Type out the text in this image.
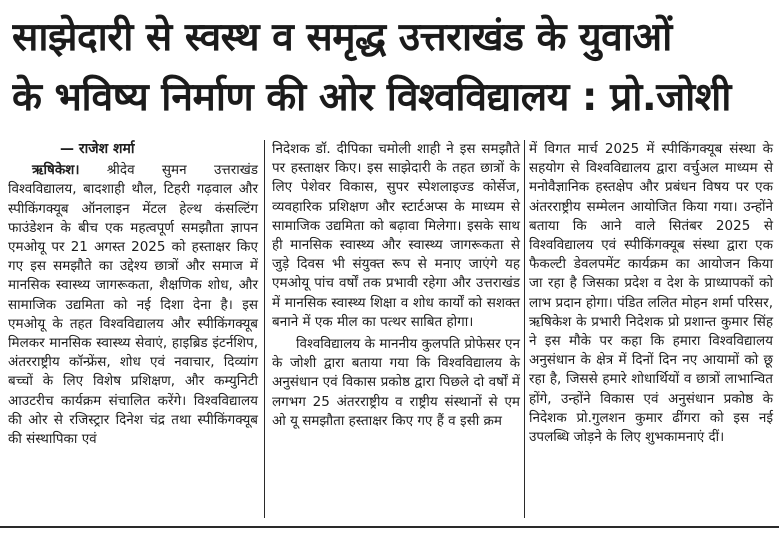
साझेदारी से स्वस्थ व समृद्ध उत्तराखंड के युवाओं
के भविष्य निर्माण की ओर विश्वविद्यालय : प्रो.जोशी

— राजेश शर्मा

ऋषिकेश। श्रीदेव सुमन उत्तराखंड विश्वविद्यालय, बादशाही थौल, टिहरी गढ़वाल और स्पीकिंगक्यूब ऑनलाइन मेंटल हेल्थ कंसल्टिंग फाउंडेशन के बीच एक महत्वपूर्ण समझौता ज्ञापन एमओयू पर 21 अगस्त 2025 को हस्ताक्षर किए गए इस समझौते का उद्देश्य छात्रों और समाज में मानसिक स्वास्थ्य जागरूकता, शैक्षणिक शोध, और सामाजिक उद्यमिता को नई दिशा देना है। इस एमओयू के तहत विश्वविद्यालय और स्पीकिंगक्यूब मिलकर मानसिक स्वास्थ्य सेवाएं, हाइब्रिड इंटर्नशिप, अंतरराष्ट्रीय कॉन्फ्रेंस, शोध एवं नवाचार, दिव्यांग बच्चों के लिए विशेष प्रशिक्षण, और कम्युनिटी आउटरीच कार्यक्रम संचालित करेंगे। विश्वविद्यालय की ओर से रजिस्ट्रार दिनेश चंद्र तथा स्पीकिंगक्यूब की संस्थापिका एवं

निदेशक डॉ. दीपिका चमोली शाही ने इस समझौते पर हस्ताक्षर किए। इस साझेदारी के तहत छात्रों के लिए पेशेवर विकास, सुपर स्पेशलाइज्ड कोर्सेज, व्यवहारिक प्रशिक्षण और स्टार्टअप्स के माध्यम से सामाजिक उद्यमिता को बढ़ावा मिलेगा। इसके साथ ही मानसिक स्वास्थ्य और स्वास्थ्य जागरूकता से जुड़े दिवस भी संयुक्त रूप से मनाए जाएंगे यह एमओयू पांच वर्षों तक प्रभावी रहेगा और उत्तराखंड में मानसिक स्वास्थ्य शिक्षा व शोध कार्यों को सशक्त बनाने में एक मील का पत्थर साबित होगा।

विश्वविद्यालय के माननीय कुलपति प्रोफेसर एन के जोशी द्वारा बताया गया कि विश्वविद्यालय के अनुसंधान एवं विकास प्रकोष्ठ द्वारा पिछले दो वर्षों में लगभग 25 अंतरराष्ट्रीय व राष्ट्रीय संस्थानों से एम ओ यू समझौता हस्ताक्षर किए गए हैं व इसी क्रम

में विगत मार्च 2025 में स्पीकिंगक्यूब संस्था के सहयोग से विश्वविद्यालय द्वारा वर्चुअल माध्यम से मनोवैज्ञानिक हस्तक्षेप और प्रबंधन विषय पर एक अंतरराष्ट्रीय सम्मेलन आयोजित किया गया। उन्होंने बताया कि आने वाले सितंबर 2025 से विश्वविद्यालय एवं स्पीकिंगक्यूब संस्था द्वारा एक फैकल्टी डेवलपमेंट कार्यक्रम का आयोजन किया जा रहा है जिसका प्रदेश व देश के प्राध्यापकों को लाभ प्रदान होगा। पंडित ललित मोहन शर्मा परिसर, ऋषिकेश के प्रभारी निदेशक प्रो प्रशान्त कुमार सिंह ने इस मौके पर कहा कि हमारा विश्वविद्यालय अनुसंधान के क्षेत्र में दिनों दिन नए आयामों को छू रहा है, जिससे हमारे शोधार्थियों व छात्रों लाभान्वित होंगे, उन्होंने विकास एवं अनुसंधान प्रकोष्ठ के निदेशक प्रो.गुलशन कुमार ढींगरा को इस नई उपलब्धि जोड़ने के लिए शुभकामनाएं दीं।
